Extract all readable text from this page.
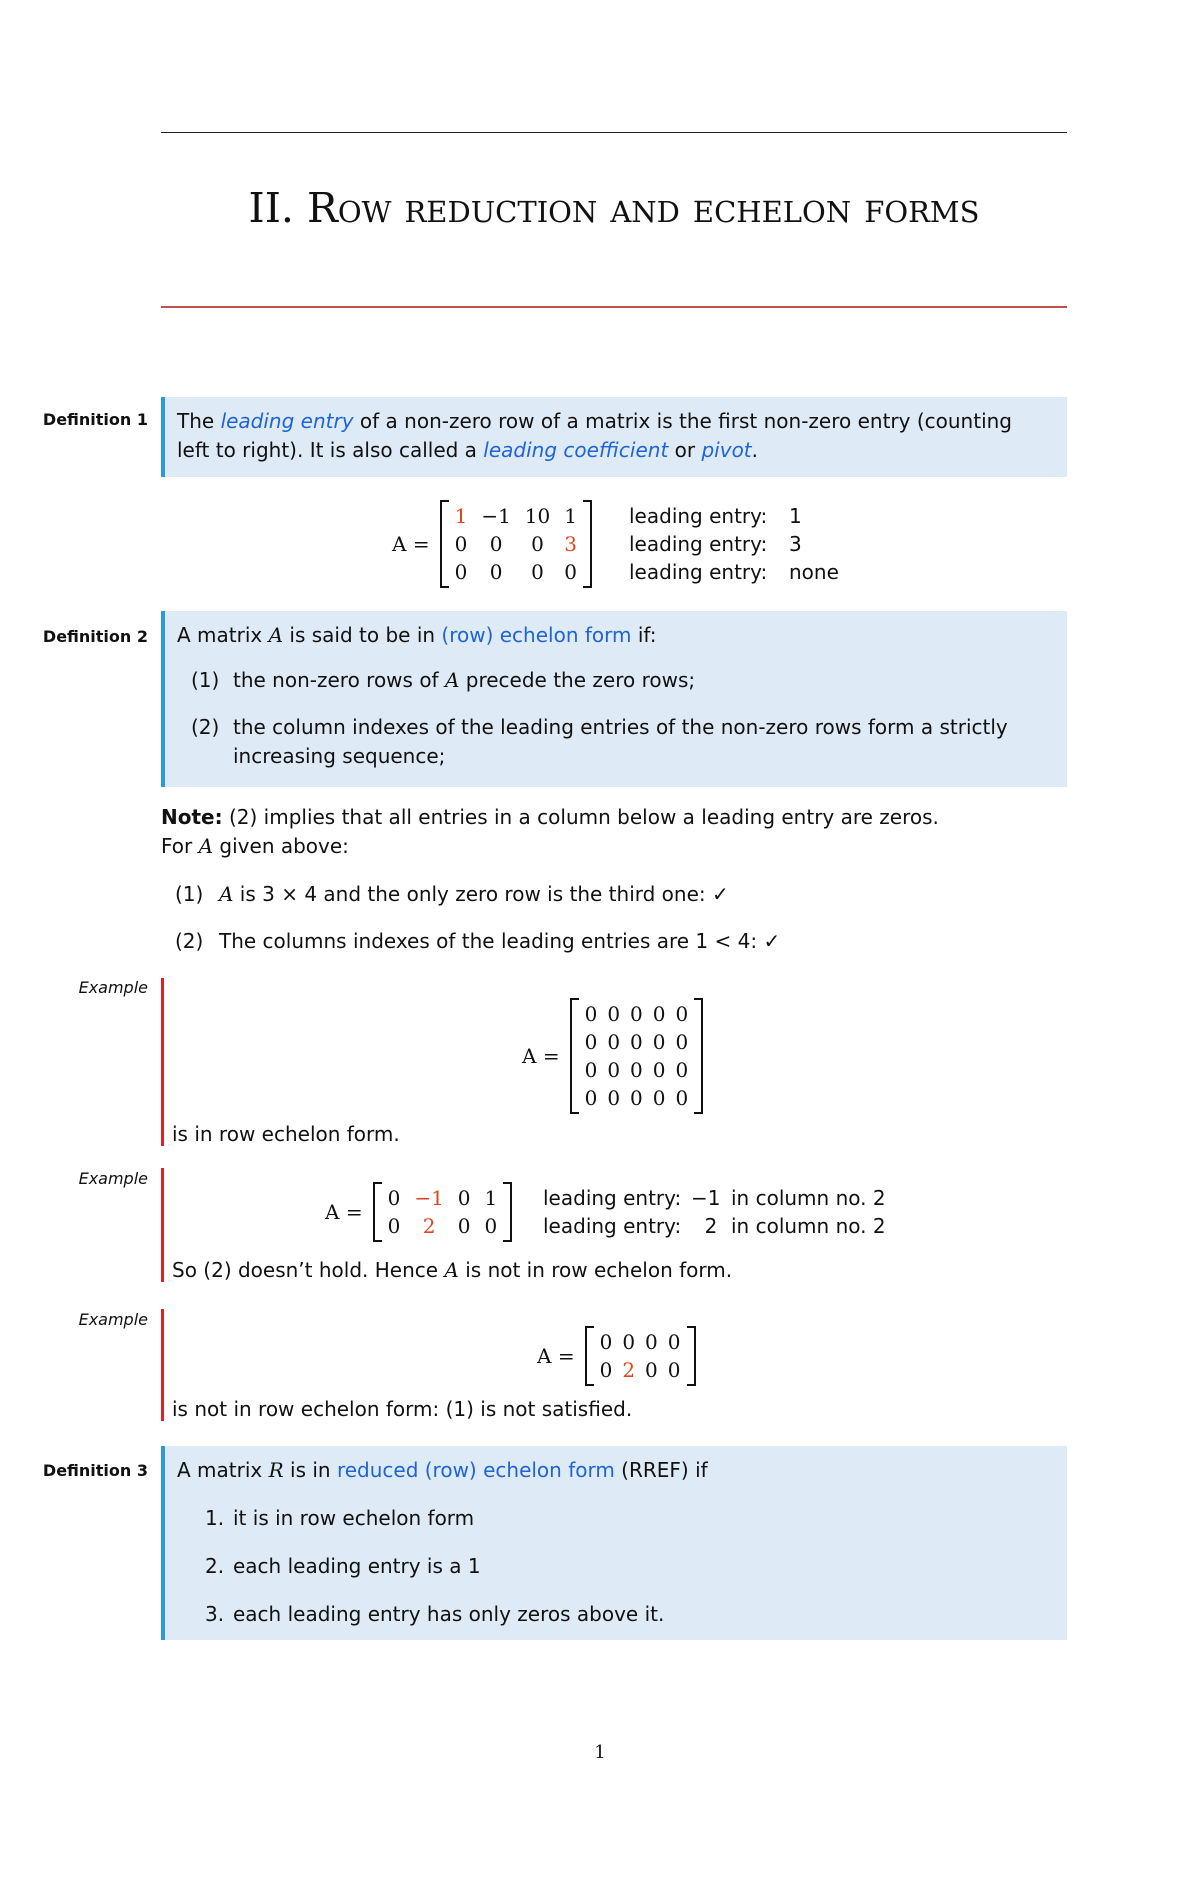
II. Row reduction and echelon forms
Definition 1 The leading entry of a non-zero row of a matrix is the first non-zero entry (counting
left to right). It is also called a leading coefficient or pivot.
A =
1 −1 10 1
0	0	0	3
0	0	0	0
leading entry:	1
leading entry:	3
leading entry:	none
Definition 2 A matrix A is said to be in (row) echelon form if:
(1) the non-zero rows of A precede the zero rows;
(2) the column indexes of the leading entries of the non-zero rows form a strictly
increasing sequence;
Note: (2) implies that all entries in a column below a leading entry are zeros.
For A given above:
(1) A is 3 × 4 and the only zero row is the third one: ✓
(2) The columns indexes of the leading entries are 1 < 4: ✓
Example
A =
0 0 0 0 0
0 0 0 0 0
0 0 0 0 0
0 0 0 0 0
is in row echelon form.
Example
A =
0 −1 0 1
0	2	0 0
leading entry: −1 in column no. 2
leading entry:	2 in column no. 2
So (2) doesn’t hold. Hence A is not in row echelon form.
Example
A =
0 0 0 0
0 2 0 0
is not in row echelon form: (1) is not satisfied.
Definition 3 A matrix R is in reduced (row) echelon form (RREF) if
1. it is in row echelon form
2. each leading entry is a 1
3. each leading entry has only zeros above it.
1
